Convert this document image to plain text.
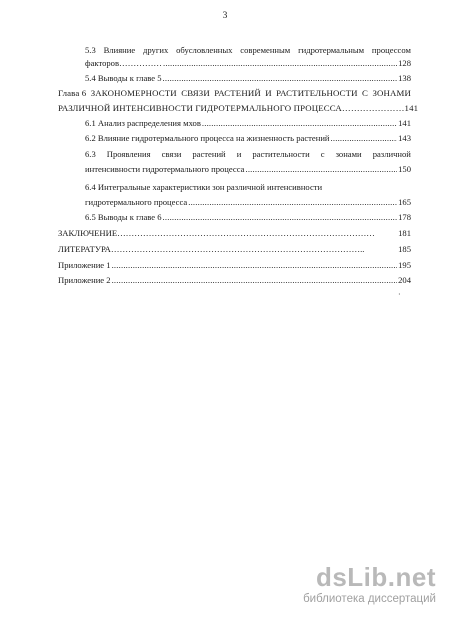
3
5.3 Влияние других обусловленных современным гидротермальным процессом
факторов…………… .....	128
5.4 Выводы к главе 5 .....	138
Глава 6 ЗАКОНОМЕРНОСТИ СВЯЗИ РАСТЕНИЙ И РАСТИТЕЛЬНОСТИ С ЗОНАМИ
РАЗЛИЧНОЙ ИНТЕНСИВНОСТИ ГИДРОТЕРМАЛЬНОГО ПРОЦЕССА………………… 141
6.1 Анализ распределения мхов .....	141
6.2 Влияние гидротермального процесса на жизненность растений .....	143
6.3 Проявления связи растений и растительности с зонами различной
интенсивности гидротермального процесса .....	150
6.4 Интегральные характеристики зон различной интенсивности
гидротермального процесса .....	165
6.5 Выводы к главе 6 .....	178
ЗАКЛЮЧЕНИЕ………………………………………………………………………………	181
ЛИТЕРАТУРА……………………………………………………………………………..	185
Приложение 1 .....	195
Приложение 2 .....	204
·
dsLib.net
библиотека диссертаций
